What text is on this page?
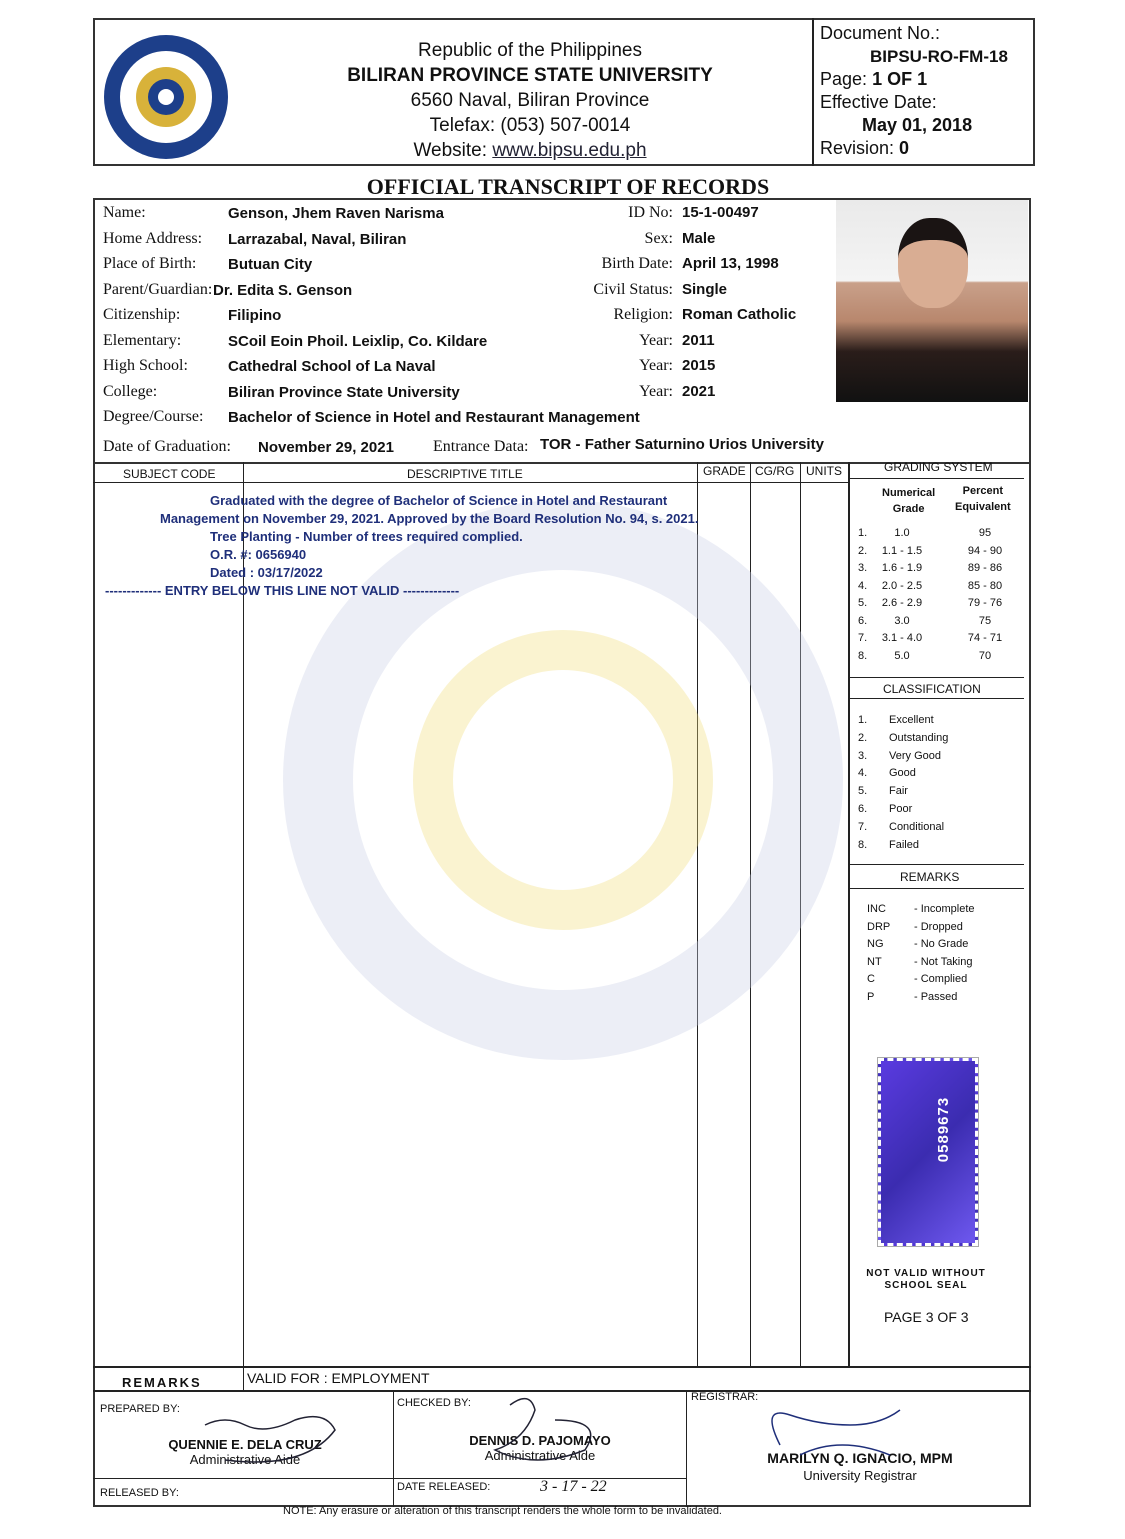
Republic of the Philippines
BILIRAN PROVINCE STATE UNIVERSITY
6560 Naval, Biliran Province
Telefax: (053) 507-0014
Website: www.bipsu.edu.ph
Document No.:
BIPSU-RO-FM-18
Page: 1 OF 1
Effective Date:
May 01, 2018
Revision: 0
OFFICIAL TRANSCRIPT OF RECORDS
Name:	Genson, Jhem Raven Narisma
Home Address: Larrazabal, Naval, Biliran
Place of Birth: Butuan City
Parent/Guardian: Dr. Edita S. Genson
Citizenship:	Filipino
Elementary:	SCoil Eoin Phoil. Leixlip, Co. Kildare
High School:	Cathedral School of La Naval
College:	Biliran Province State University
Degree/Course: Bachelor of Science in Hotel and Restaurant Management
ID No: 15-1-00497
Sex: Male
Birth Date: April 13, 1998
Civil Status: Single
Religion: Roman Catholic
Year: 2011
Year: 2015
Year: 2021
Date of Graduation: November 29, 2021 Entrance Data: TOR - Father Saturnino Urios University
SUBJECT CODE	DESCRIPTIVE TITLE	GRADE CG/RG UNITS	GRADING SYSTEM
Graduated with the degree of Bachelor of Science in Hotel and Restaurant
Management on November 29, 2021. Approved by the Board Resolution No. 94, s. 2021.
Tree Planting - Number of trees required complied.
O.R. #: 0656940
Dated : 03/17/2022
------------- ENTRY BELOW THIS LINE NOT VALID -------------
Numerical
Grade
Percent
Equivalent
1.	1.0	95
2. 1.1 - 1.5	94 - 90
3. 1.6 - 1.9	89 - 86
4. 2.0 - 2.5	85 - 80
5. 2.6 - 2.9	79 - 76
6.	3.0	75
7. 3.1 - 4.0	74 - 71
8.	5.0	70
CLASSIFICATION
1. Excellent
2. Outstanding
3. Very Good
4. Good
5. Fair
6. Poor
7. Conditional
8. Failed
REMARKS
INC	- Incomplete
DRP - Dropped
NG	- No Grade
NT	- Not Taking
C	- Complied
P	- Passed
0589673
NOT VALID WITHOUT
SCHOOL SEAL
PAGE 3 OF 3
REMARKS	VALID FOR : EMPLOYMENT
PREPARED BY:	CHECKED BY:	REGISTRAR:
QUENNIE E. DELA CRUZ
Administrative Aide
DENNIS D. PAJOMAYO
Administrative Aide	MARILYN Q. IGNACIO, MPM
University Registrar
RELEASED BY:	DATE RELEASED:	3 - 17 - 22
NOTE: Any erasure or alteration of this transcript renders the whole form to be invalidated.
